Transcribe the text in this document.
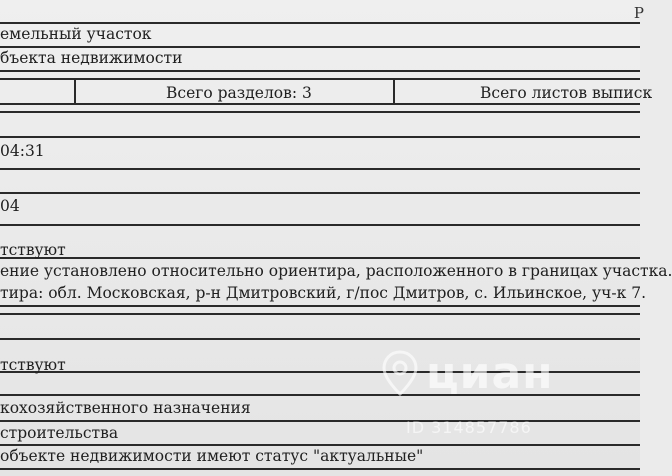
Р
емельный участок
бъекта недвижимости
Всего разделов: 3	Всего листов выписк
04:31
04
тствуют
ение установлено относительно ориентира, расположенного в границах участка.
тира: обл. Московская, р-н Дмитровский, г/пос Дмитров, с. Ильинское, уч-к 7.
тствуют
кохозяйственного назначения
строительства
объекте недвижимости имеют статус "актуальные"
циан
ID 314857786
